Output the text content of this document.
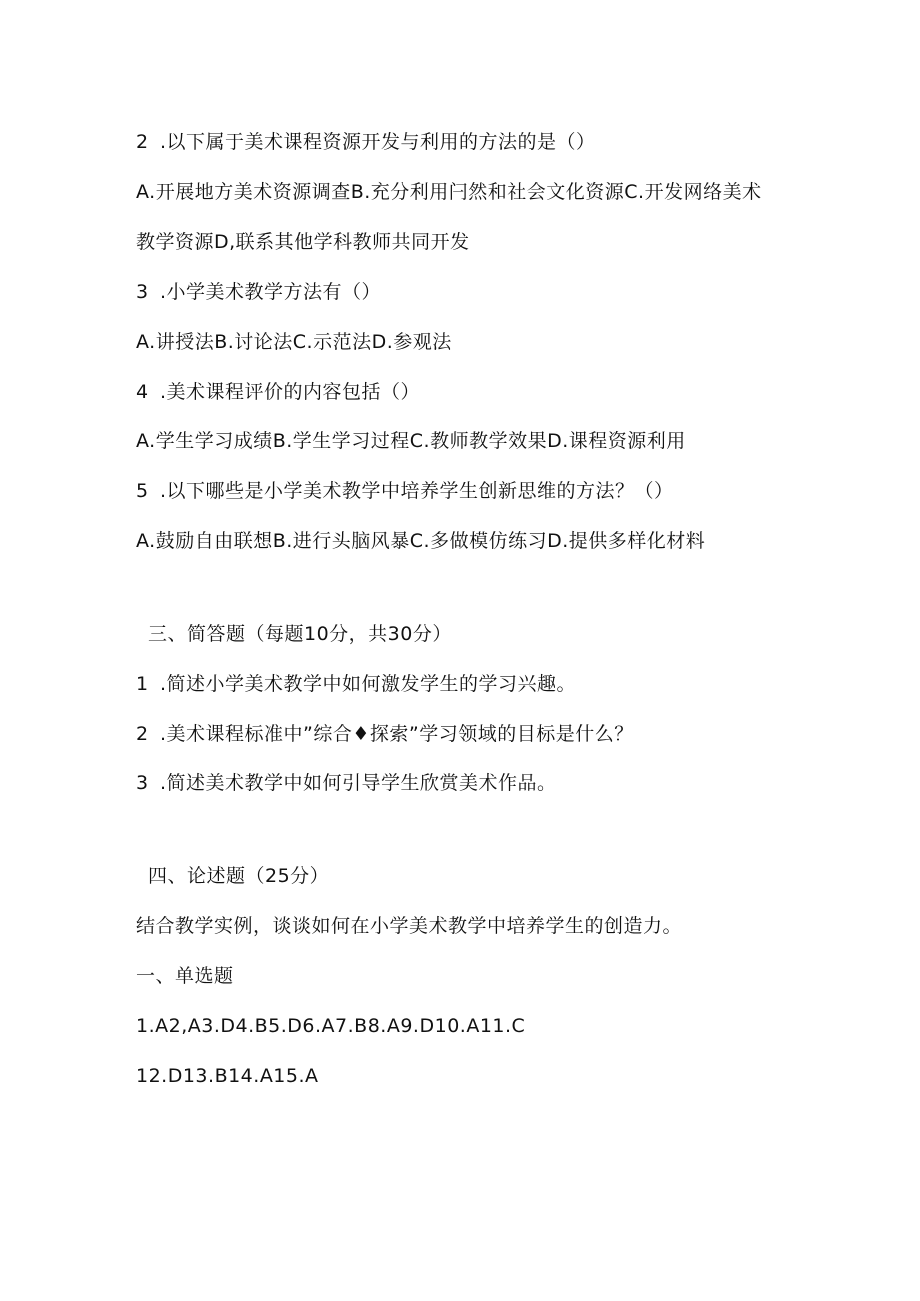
2 .以下属于美术课程资源开发与利用的方法的是（）
A.开展地方美术资源调查B.充分利用闩然和社会文化资源C.开发网络美术
教学资源D,联系其他学科教师共同开发
3 .小学美术教学方法有（）
A.讲授法B.讨论法C.示范法D.参观法
4 .美术课程评价的内容包括（）
A.学生学习成绩B.学生学习过程C.教师教学效果D.课程资源利用
5 .以下哪些是小学美术教学中培养学生创新思维的方法？（）
A.鼓励自由联想B.进行头脑风暴C.多做模仿练习D.提供多样化材料
三、简答题（每题10分，共30分）
1 .简述小学美术教学中如何激发学生的学习兴趣。
2 .美术课程标准中”综合♦探索”学习领域的目标是什么？
3 .简述美术教学中如何引导学生欣赏美术作品。
四、论述题（25分）
结合教学实例，谈谈如何在小学美术教学中培养学生的创造力。
一、单选题
1.A2,A3.D4.B5.D6.A7.B8.A9.D10.A11.C
12.D13.B14.A15.A
